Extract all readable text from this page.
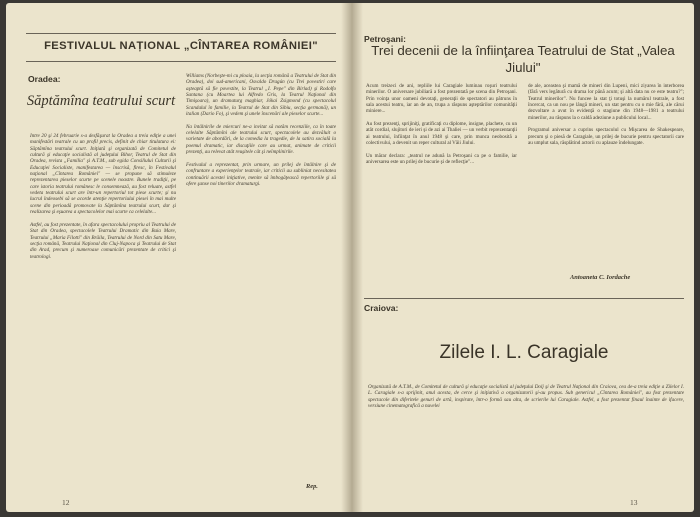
FESTIVALUL NAȚIONAL „CÎNTAREA ROMÂNIEI"
Oradea:
Săptămîna teatrului scurt
Intre 20 şi 24 februarie s-a desfăşurat la Oradea a treia ediţie a unei manifestări teatrale cu un profil precis, definit de chiar titulatura ei: Săptămîna teatrului scurt. Iniţiată şi organizată de Comitetul de cultură şi educaţie socialistă al judeţului Bihor, Teatrul de Stat din Oradea, revista „Familia" şi A.T.M., sub egida Consiliului Culturii şi Educaţiei Socialiste, manifestarea — înscrisă, firesc, în Festivalul naţional „Cîntarea României" — se propune să stimuleze reprezentarea pieselor scurte pe scenele noastre. Bunele tradiţii, pe care istoria teatrului românesc le consemnează, au fost reluate, astfel vedeta teatrului scurt are într-un repertoriul tot piese scurte; şi nu lucrul îndeosebi să se acorde atenţie repertoriului piesei în mai multe scene din perioadă promovate la Săptămîna teatrului scurt, dar şi realizarea şi eşuarea a spectacolelor mai scurte ca celelalte...

Astfel, au fost prezentate, în afara spectacolului propriu al Teatrului de Stat din Oradea, spectacolele Teatrului Dramatic din Baia Mare, Teatrului „Maria Filotti" din Brăila, Teatrului de Nord din Satu Mare, secţia română, Teatrului Naţional din Cluj-Napoca şi Teatrului de Stat din Arad, precum şi numeroase comunicări prezentate de critici şi teatrologi.
Williams (Norbeşte-mi cu ploaia, la secţia română a Teatrului de Stat din Oradea), doi sud-americani, Osvaldo Dragún (cu Trei povestiri care aşteaptă să fie povestite, la Teatrul „I. Pepe" din Birlad) şi Rodolfo Santana (cu Moartea lui Alfredo Gris, la Teatrul Naţional din Timişoara), un dramaturg maghiar, Jókai Zsigmond (cu spectacolul Scandalul în familie, la Teatrul de Stat din Sibiu, secţia germană), un italian (Dario Fo), şi vedem şi unele înscenări ale pieselor scurte...

Na întâlnirile de miercuri ne-a invitat să notăm recenziile, ca în toate celelalte Săptămîni ale teatrului scurt, spectacolele au dezvăluit o varietate de abordări, de la comedia la tragedie, de la satira socială la poemul dramatic, iar discuţiile care au urmat, animate de criticii prezenţi, au relevat atât reuşitele cât şi neîmplinirile.

Festivalul a reprezentat, prin urmare, un prilej de întâlnire şi de confruntare a experienţelor teatrale, iar criticii au subliniat necesitatea continuării acestei iniţiative, menite să îmbogăţească repertoriile şi să ofere şanse noi tinerilor dramaturgi.
Rep.
12
Petroşani:
Trei decenii de la înfiinţarea Teatrului de Stat „Valea Jiului"
Acum treizeci de ani, repliile lui Caragiale luminau roşuri teatrului minerilor. O aniversare jubiliară a fost prezentată pe scena din Petroşani. Prin voinţa unor oameni devotaţi, generaţii de spectatori au pătruns în sala acestui teatru, iar an de an, trupa a răspuns aşteptărilor comunităţii miniere...

Au fost prezenţi, sprijiniţi, gratificaţi cu diplome, insigne, plachete, cu un atât cordial, slujitori de ieri şi de azi ai Thaliei — un verbit reprezentanţii ai teatrului, înfiinţat în anul 1948 şi care, prin munca neobosită a colectivului, a devenit un reper cultural al Văii Jiului.

Un mărar declara: „teatrul ne adună la Petroşani ca pe o familie, iar aniversarea este un prilej de bucurie şi de reflecţie"...
de ale, aceastea şi mamă de mineri din Lupeni, mici ziyarea în interborea (fără vers legătură cu drama lor până acum; şi altă data nu ce este teatru?"; Teatrul minerilor". Nu funcee la stat ţi totuşi la numărul teatrale, a fost încercat, ca un nou pe lângă mineri, un stat pentru cu o mie fără, ale cărui dezvoltare a avut în evidenţă o stagiune din 1948—1981 a teatrului minerilor, au răspuns la o caldă adeziune a publicului local...

Programul aniversar a cuprins spectacolul cu Mişcarea de Shakespeare, precum şi o piesă de Caragiale, un prilej de bucurie pentru spectatorii care au umplut sala, răsplătind actorii cu aplauze îndelungate.
Antoaneta C. Iordache
Craiova:
Zilele I. L. Caragiale
Organizată de A.T.M., de Comitetul de cultură şi educaţie socialistă al judeţului Dolj şi de Teatrul Naţional din Craiova, cea de-a treia ediţie a Zilelor I. L. Caragiale s-a sprijinit, anul acesta, de cerce şi iniţiativă a organizatorii şi-au propus. Sub genericul „Cîntarea României", au fost prezentate spectacole din diferitele genuri de artă, inspirate, într-o formă sau alta, de scrierile lui Caragiale. Astfel, a fost prezentat finaul înainte de ifacere, versiune cinematografică a nuvelei
13
